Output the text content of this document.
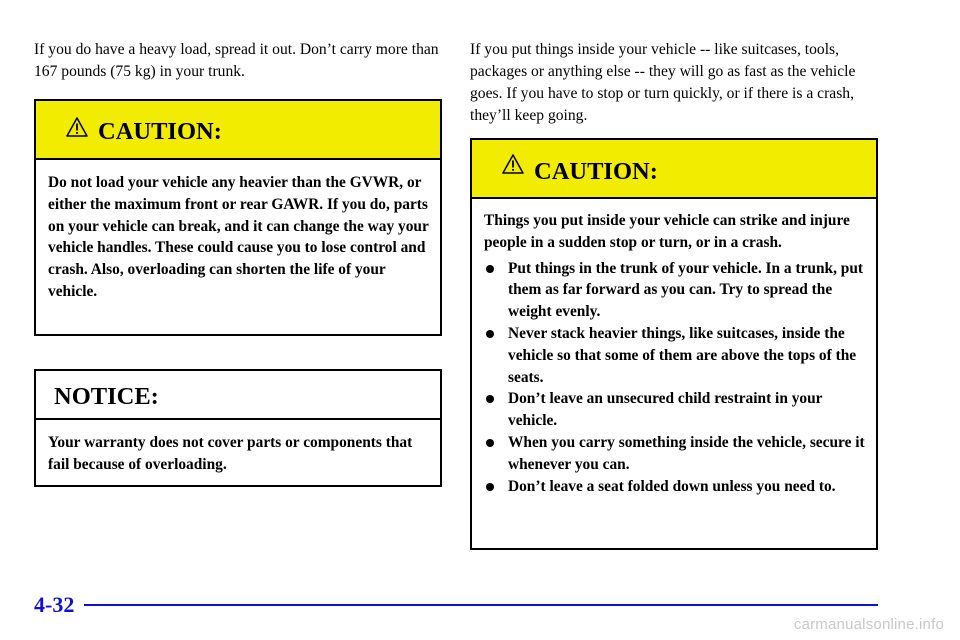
If you do have a heavy load, spread it out. Don’t carry more than 167 pounds (75 kg) in your trunk.

CAUTION:

Do not load your vehicle any heavier than the GVWR, or either the maximum front or rear GAWR. If you do, parts on your vehicle can break, and it can change the way your vehicle handles. These could cause you to lose control and crash. Also, overloading can shorten the life of your vehicle.

NOTICE:

Your warranty does not cover parts or components that fail because of overloading.

If you put things inside your vehicle -- like suitcases, tools, packages or anything else -- they will go as fast as the vehicle goes. If you have to stop or turn quickly, or if there is a crash, they’ll keep going.

CAUTION:

Things you put inside your vehicle can strike and injure people in a sudden stop or turn, or in a crash.

Put things in the trunk of your vehicle. In a trunk, put them as far forward as you can. Try to spread the weight evenly.
Never stack heavier things, like suitcases, inside the vehicle so that some of them are above the tops of the seats.
Don’t leave an unsecured child restraint in your vehicle.
When you carry something inside the vehicle, secure it whenever you can.
Don’t leave a seat folded down unless you need to.
4-32
carmanualsonline.info
